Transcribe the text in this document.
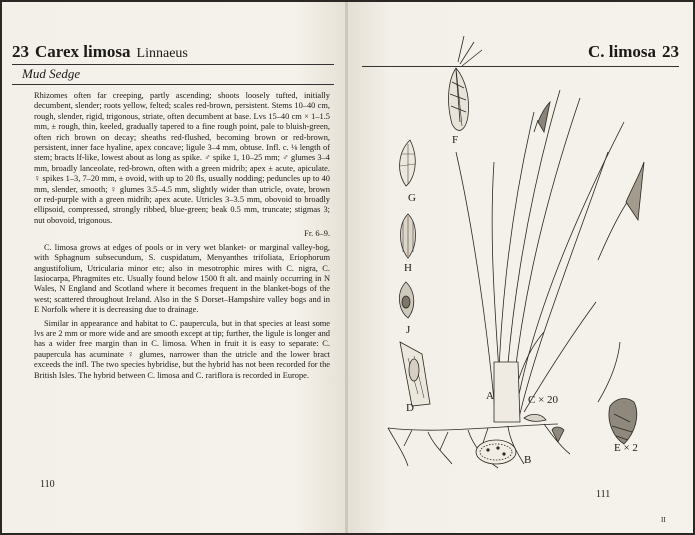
23 Carex limosa Linnaeus
Mud Sedge

Rhizomes often far creeping, partly ascending; shoots loosely tufted, initially decumbent, slender; roots yellow, felted; scales red-brown, persistent. Stems 10–40 cm, rough, slender, rigid, trigonous, striate, often decumbent at base. Lvs 15–40 cm × 1–1.5 mm, ± rough, thin, keeled, gradually tapered to a fine rough point, pale to bluish-green, often rich brown on decay; sheaths red-flushed, becoming brown or red-brown, persistent, inner face hyaline, apex concave; ligule 3–4 mm, obtuse. Infl. c. ⅛ length of stem; bracts lf-like, lowest about as long as spike. ♂ spike 1, 10–25 mm; ♂ glumes 3–4 mm, broadly lanceolate, red-brown, often with a green midrib; apex ± acute, apiculate. ♀ spikes 1–3, 7–20 mm, ± ovoid, with up to 20 fls, usually nodding; peduncles up to 40 mm, slender, smooth; ♀ glumes 3.5–4.5 mm, slightly wider than utricle, ovate, brown or red-purple with a green midrib; apex acute. Utricles 3–3.5 mm, obovoid to broadly ellipsoid, compressed, strongly ribbed, blue-green; beak 0.5 mm, truncate; stigmas 3; nut obovoid, trigonous.

Fr. 6–9.

C. limosa grows at edges of pools or in very wet blanket- or marginal valley-bog, with Sphagnum subsecundum, S. cuspidatum, Menyanthes trifoliata, Eriophorum angustifolium, Utricularia minor etc; also in mesotrophic mires with C. nigra, C. lasiocarpa, Phragmites etc. Usually found below 1500 ft alt. and mainly occurring in N Wales, N England and Scotland where it becomes frequent in the blanket-bogs of the west; scattered throughout Ireland. Also in the S Dorset–Hampshire valley bogs and in E Norfolk where it is decreasing due to drainage.

Similar in appearance and habitat to C. paupercula, but in that species at least some lvs are 2 mm or more wide and are smooth except at tip; further, the ligule is longer and has a wider free margin than in C. limosa. When in fruit it is easy to separate: C. paupercula has acuminate ♀ glumes, narrower than the utricle and the lower bract exceeds the infl. The two species hybridise, but the hybrid has not been recorded for the British Isles. The hybrid between C. limosa and C. rariflora is recorded in Europe.

110
C. limosa 23
F
G
H
J
D
A	C × 20
B
E × 2
111
II
